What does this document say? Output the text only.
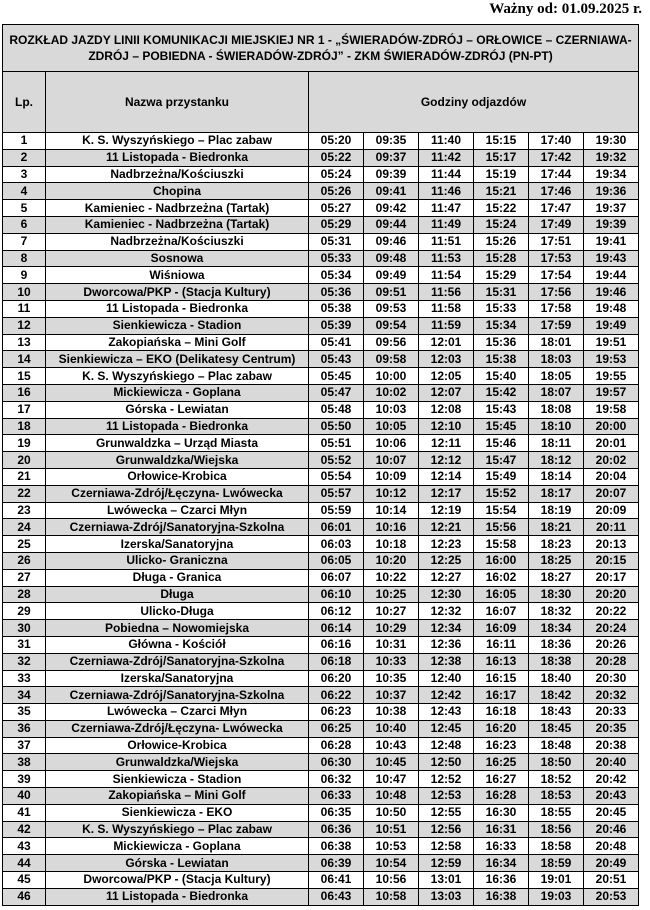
Ważny od: 01.09.2025 r.
ROZKŁAD JAZDY LINII KOMUNIKACJI MIEJSKIEJ NR 1 - „ŚWIERADÓW-ZDRÓJ – ORŁOWICE – CZERNIAWA-ZDRÓJ – POBIEDNA - ŚWIERADÓW-ZDRÓJ” - ZKM ŚWIERADÓW-ZDRÓJ (PN-PT)							
Lp.	Nazwa przystanku	Godziny odjazdów					
1	K. S. Wyszyńskiego – Plac zabaw	05:20	09:35	11:40	15:15	17:40	19:30
2	11 Listopada - Biedronka	05:22	09:37	11:42	15:17	17:42	19:32
3	Nadbrzeżna/Kościuszki	05:24	09:39	11:44	15:19	17:44	19:34
4	Chopina	05:26	09:41	11:46	15:21	17:46	19:36
5	Kamieniec - Nadbrzeżna (Tartak)	05:27	09:42	11:47	15:22	17:47	19:37
6	Kamieniec - Nadbrzeżna (Tartak)	05:29	09:44	11:49	15:24	17:49	19:39
7	Nadbrzeżna/Kościuszki	05:31	09:46	11:51	15:26	17:51	19:41
8	Sosnowa	05:33	09:48	11:53	15:28	17:53	19:43
9	Wiśniowa	05:34	09:49	11:54	15:29	17:54	19:44
10	Dworcowa/PKP - (Stacja Kultury)	05:36	09:51	11:56	15:31	17:56	19:46
11	11 Listopada - Biedronka	05:38	09:53	11:58	15:33	17:58	19:48
12	Sienkiewicza - Stadion	05:39	09:54	11:59	15:34	17:59	19:49
13	Zakopiańska – Mini Golf	05:41	09:56	12:01	15:36	18:01	19:51
14	Sienkiewicza – EKO (Delikatesy Centrum)	05:43	09:58	12:03	15:38	18:03	19:53
15	K. S. Wyszyńskiego – Plac zabaw	05:45	10:00	12:05	15:40	18:05	19:55
16	Mickiewicza - Goplana	05:47	10:02	12:07	15:42	18:07	19:57
17	Górska - Lewiatan	05:48	10:03	12:08	15:43	18:08	19:58
18	11 Listopada - Biedronka	05:50	10:05	12:10	15:45	18:10	20:00
19	Grunwaldzka – Urząd Miasta	05:51	10:06	12:11	15:46	18:11	20:01
20	Grunwaldzka/Wiejska	05:52	10:07	12:12	15:47	18:12	20:02
21	Orłowice-Krobica	05:54	10:09	12:14	15:49	18:14	20:04
22	Czerniawa-Zdrój/Łęczyna- Lwówecka	05:57	10:12	12:17	15:52	18:17	20:07
23	Lwówecka – Czarci Młyn	05:59	10:14	12:19	15:54	18:19	20:09
24	Czerniawa-Zdrój/Sanatoryjna-Szkolna	06:01	10:16	12:21	15:56	18:21	20:11
25	Izerska/Sanatoryjna	06:03	10:18	12:23	15:58	18:23	20:13
26	Ulicko- Graniczna	06:05	10:20	12:25	16:00	18:25	20:15
27	Długa - Granica	06:07	10:22	12:27	16:02	18:27	20:17
28	Długa	06:10	10:25	12:30	16:05	18:30	20:20
29	Ulicko-Długa	06:12	10:27	12:32	16:07	18:32	20:22
30	Pobiedna – Nowomiejska	06:14	10:29	12:34	16:09	18:34	20:24
31	Główna - Kościół	06:16	10:31	12:36	16:11	18:36	20:26
32	Czerniawa-Zdrój/Sanatoryjna-Szkolna	06:18	10:33	12:38	16:13	18:38	20:28
33	Izerska/Sanatoryjna	06:20	10:35	12:40	16:15	18:40	20:30
34	Czerniawa-Zdrój/Sanatoryjna-Szkolna	06:22	10:37	12:42	16:17	18:42	20:32
35	Lwówecka – Czarci Młyn	06:23	10:38	12:43	16:18	18:43	20:33
36	Czerniawa-Zdrój/Łęczyna- Lwówecka	06:25	10:40	12:45	16:20	18:45	20:35
37	Orłowice-Krobica	06:28	10:43	12:48	16:23	18:48	20:38
38	Grunwaldzka/Wiejska	06:30	10:45	12:50	16:25	18:50	20:40
39	Sienkiewicza - Stadion	06:32	10:47	12:52	16:27	18:52	20:42
40	Zakopiańska – Mini Golf	06:33	10:48	12:53	16:28	18:53	20:43
41	Sienkiewicza - EKO	06:35	10:50	12:55	16:30	18:55	20:45
42	K. S. Wyszyńskiego – Plac zabaw	06:36	10:51	12:56	16:31	18:56	20:46
43	Mickiewicza - Goplana	06:38	10:53	12:58	16:33	18:58	20:48
44	Górska - Lewiatan	06:39	10:54	12:59	16:34	18:59	20:49
45	Dworcowa/PKP - (Stacja Kultury)	06:41	10:56	13:01	16:36	19:01	20:51
46	11 Listopada - Biedronka	06:43	10:58	13:03	16:38	19:03	20:53
